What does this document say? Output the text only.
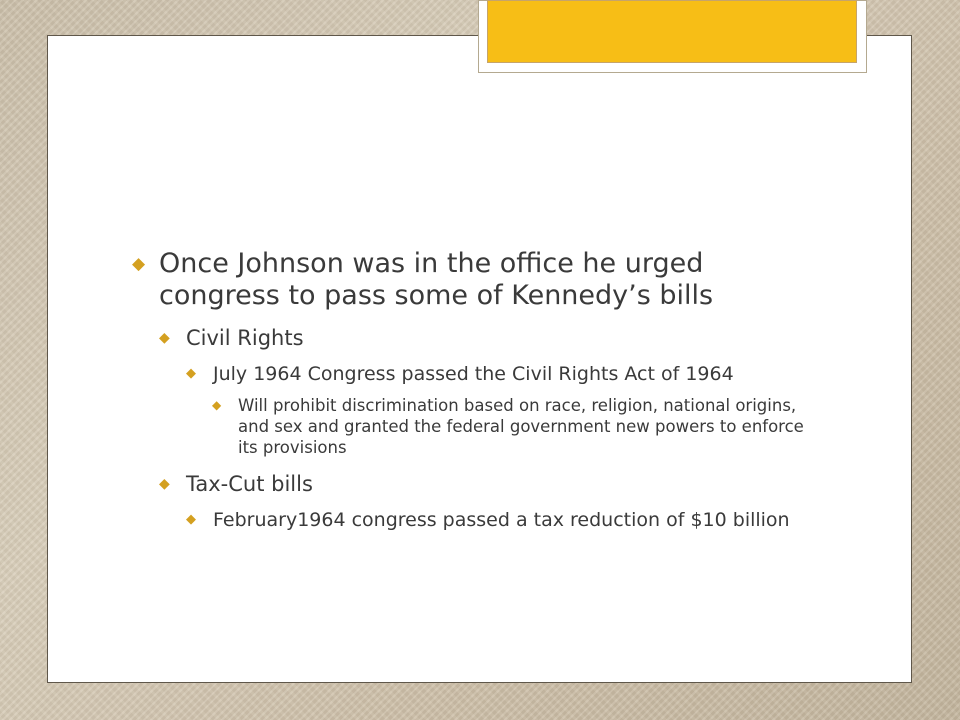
◆ Once Johnson was in the office he urged congress to pass some of Kennedy’s bills
◆ Civil Rights
◆ July 1964 Congress passed the Civil Rights Act of 1964
◆	Will prohibit discrimination based on race, religion, national origins, and sex and granted the federal government new powers to enforce its provisions
◆ Tax-Cut bills
◆ February1964 congress passed a tax reduction of $10 billion
